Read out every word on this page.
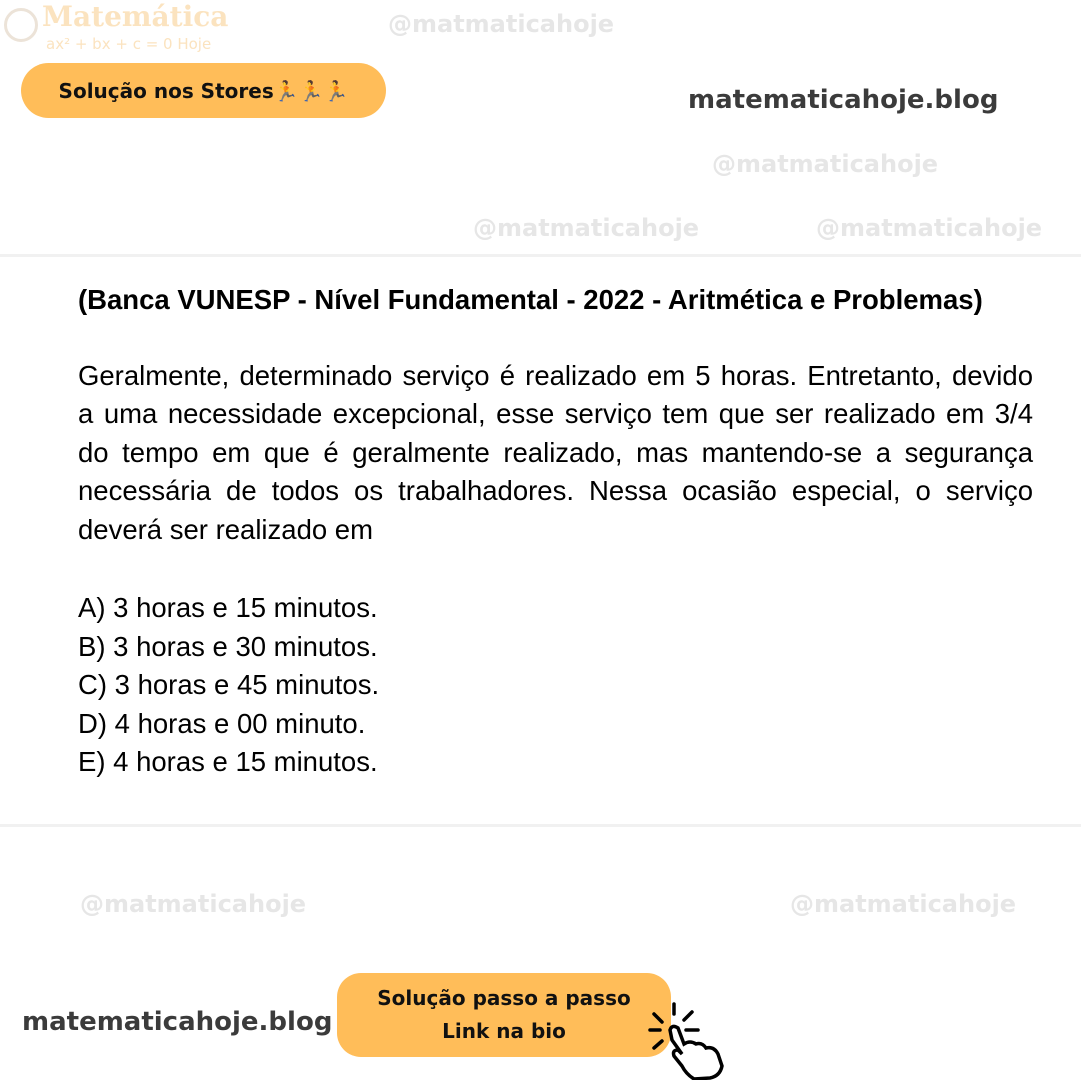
@matmaticahoje
@matmaticahoje
@matmaticahoje
@matmaticahoje	@matmaticahoje
@matmaticahoje
Matemática
ax² + bx + c = 0 Hoje
Solução nos Stores🏃🏃🏃	matematicahoje.blog
(Banca VUNESP - Nível Fundamental - 2022 - Aritmética e Problemas)
Geralmente, determinado serviço é realizado em 5 horas. Entretanto, devido a uma necessidade excepcional, esse serviço tem que ser realizado em 3/4 do tempo em que é geralmente realizado, mas mantendo-se a segurança necessária de todos os trabalhadores. Nessa ocasião especial, o serviço deverá ser realizado em
A) 3 horas e 15 minutos.
B) 3 horas e 30 minutos.
C) 3 horas e 45 minutos.
D) 4 horas e 00 minuto.
E) 4 horas e 15 minutos.
matematicahoje.blog
Solução passo a passo
Link na bio
